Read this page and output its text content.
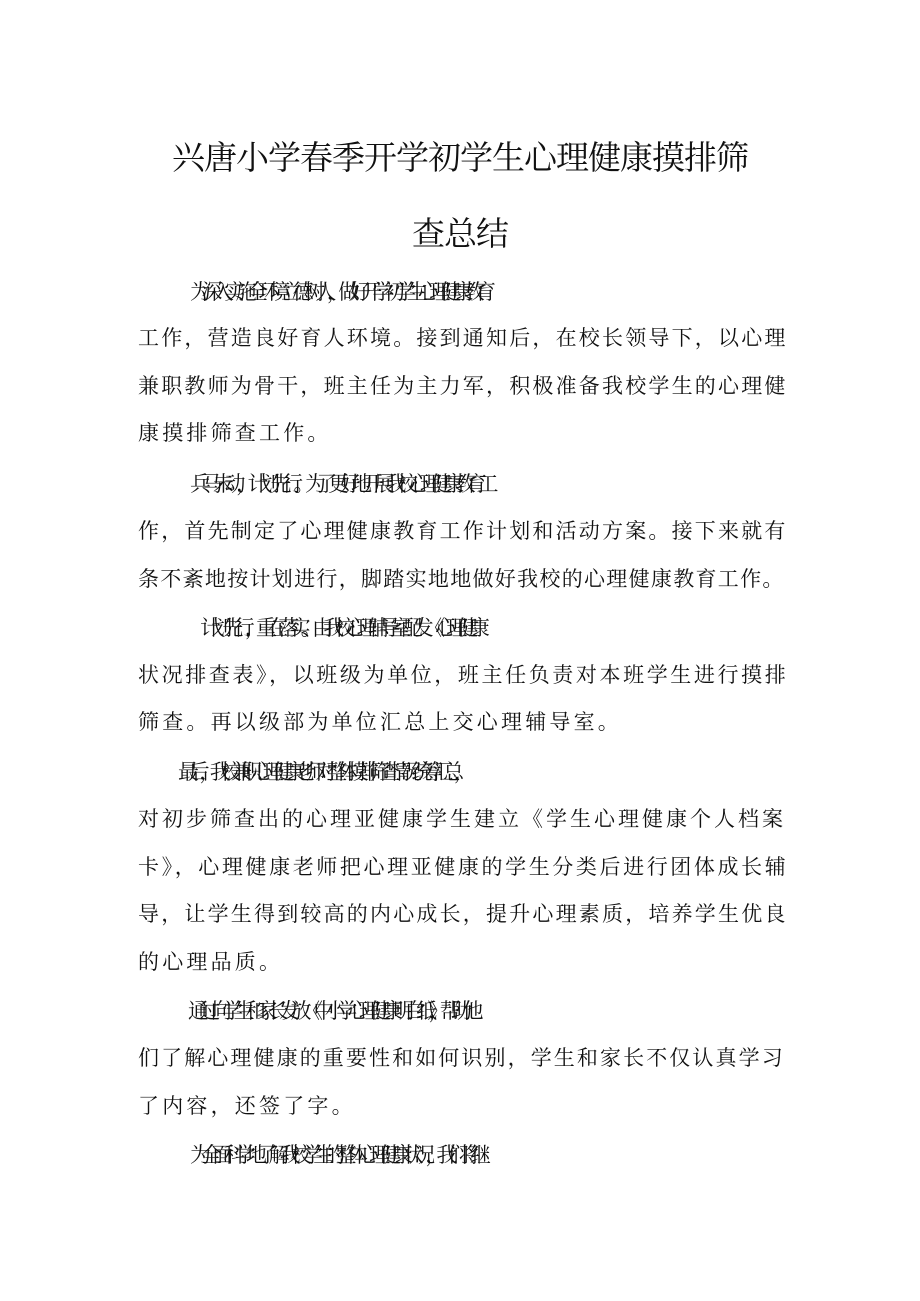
兴唐小学春季开学初学生心理健康摸排筛
查总结
为深入实施全环境立德树人，做好开学初学生心理健康教育
工作，营造良好育人环境。接到通知后，在校长领导下，以心理
兼职教师为骨干，班主任为主力军，积极准备我校学生的心理健
康摸排筛查工作。
兵马未动，计划先行。为了更好地开展我校心理健康教育工
作，首先制定了心理健康教育工作计划和活动方案。接下来就有
条不紊地按计划进行，脚踏实地地做好我校的心理健康教育工作。
计划先行，重在落实。由我校心理辅导室配发《心理健康
状况排查表》，以班级为单位，班主任负责对本班学生进行摸排
筛查。再以级部为单位汇总上交心理辅导室。
最后，我校兼职心理健康老师对整体摸排筛查情况统筹汇总，
对初步筛查出的心理亚健康学生建立《学生心理健康个人档案
卡》，心理健康老师把心理亚健康的学生分类后进行团体成长辅
导，让学生得到较高的内心成长，提升心理素质，培养学生优良
的心理品质。
通过向学生和家长发放《中小学心理健康明白纸》，帮助他
们了解心理健康的重要性和如何识别，学生和家长不仅认真学习
了内容，还签了字。
为全面科学地了解我校学生的整体心理健康状况，我们将继
